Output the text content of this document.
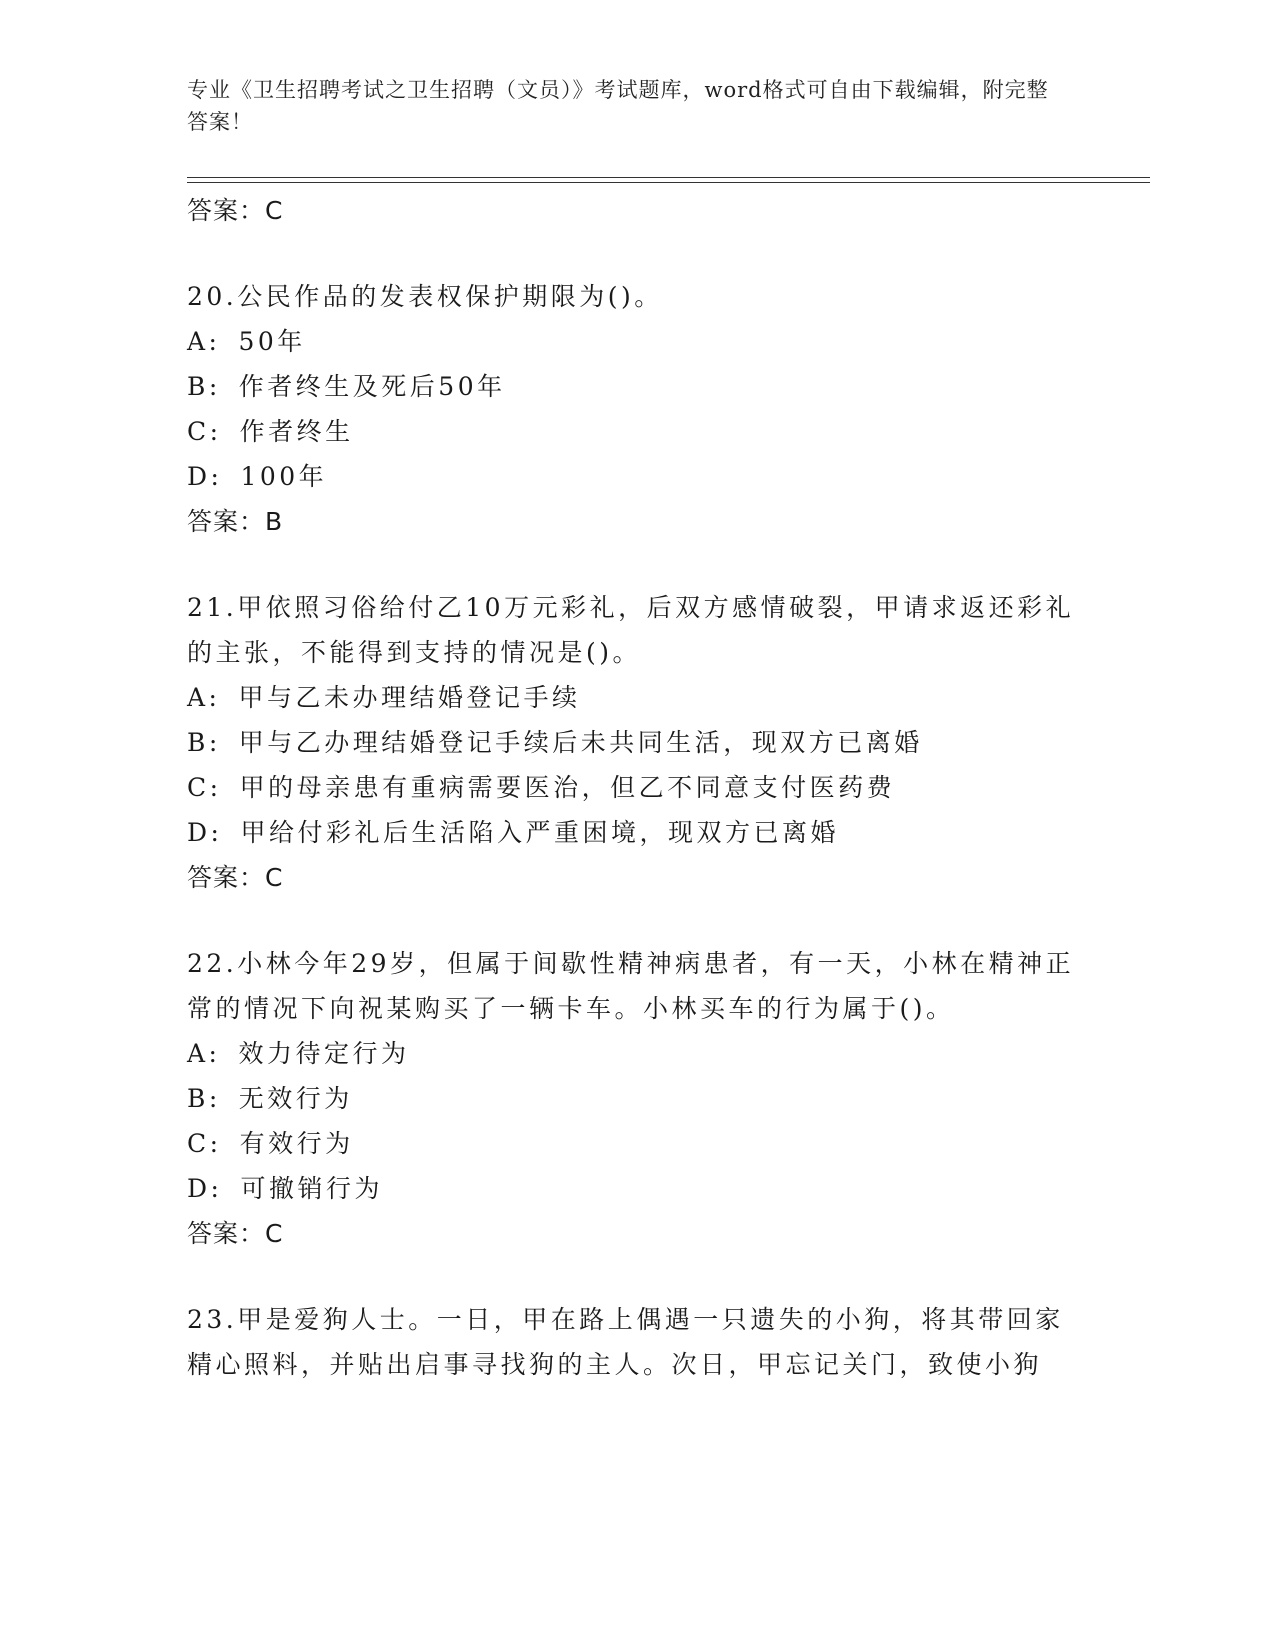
专业《卫生招聘考试之卫生招聘（文员）》考试题库，word格式可自由下载编辑，附完整答案！
答案：C
20.公民作品的发表权保护期限为()。
A: 50年
B: 作者终生及死后50年
C: 作者终生
D: 100年
答案：B
21.甲依照习俗给付乙10万元彩礼，后双方感情破裂，甲请求返还彩礼的主张，不能得到支持的情况是()。
A: 甲与乙未办理结婚登记手续
B: 甲与乙办理结婚登记手续后未共同生活，现双方已离婚
C: 甲的母亲患有重病需要医治，但乙不同意支付医药费
D: 甲给付彩礼后生活陷入严重困境，现双方已离婚
答案：C
22.小林今年29岁，但属于间歇性精神病患者，有一天，小林在精神正常的情况下向祝某购买了一辆卡车。小林买车的行为属于()。
A: 效力待定行为
B: 无效行为
C: 有效行为
D: 可撤销行为
答案：C
23.甲是爱狗人士。一日，甲在路上偶遇一只遗失的小狗，将其带回家精心照料，并贴出启事寻找狗的主人。次日，甲忘记关门，致使小狗
